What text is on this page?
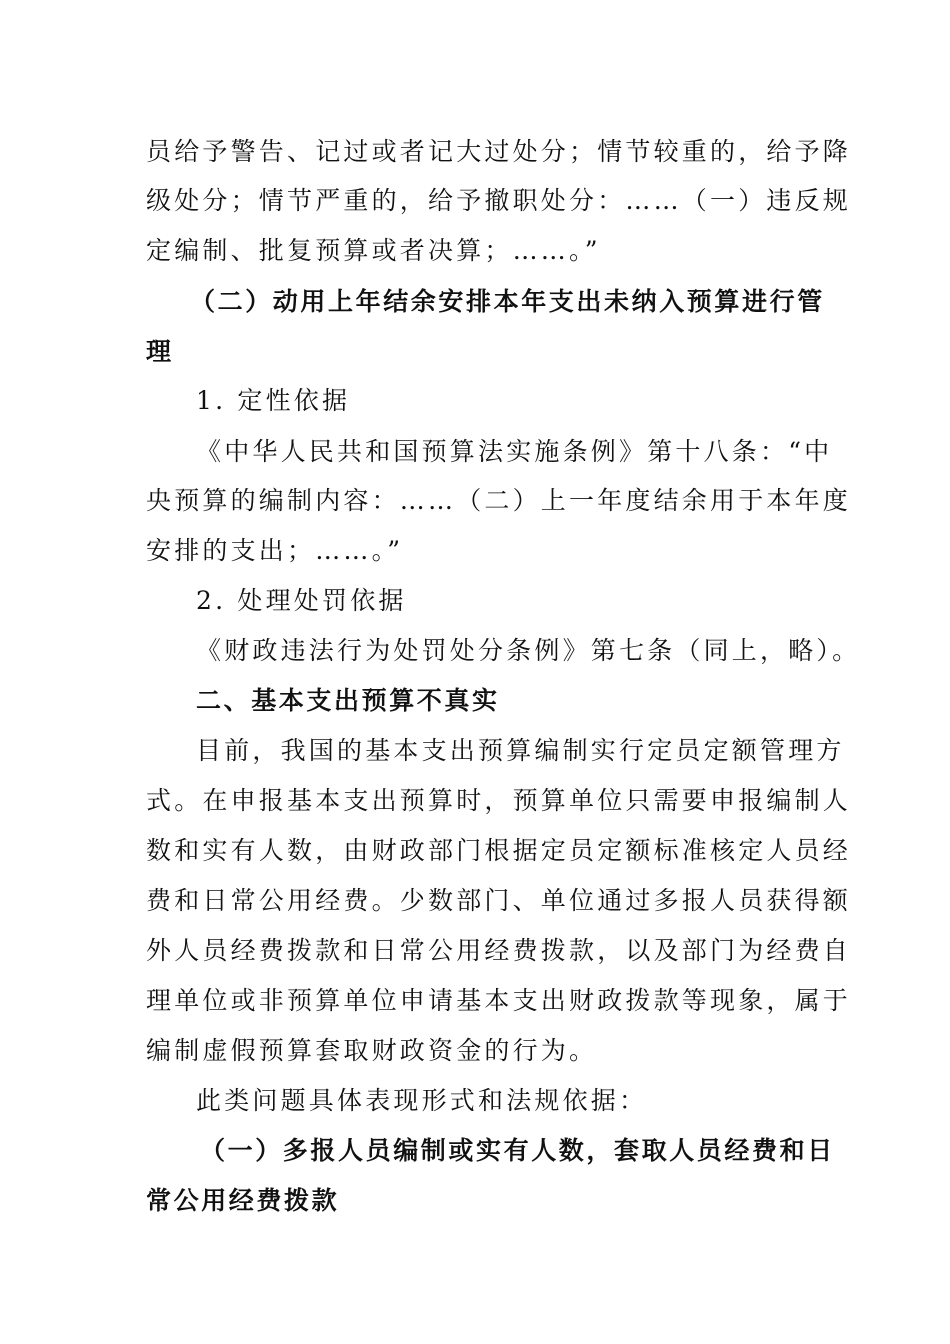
员给予警告、记过或者记大过处分；情节较重的，给予降

级处分；情节严重的，给予撤职处分：……（一）违反规

定编制、批复预算或者决算；……。”

（二）动用上年结余安排本年支出未纳入预算进行管

理

1. 定性依据

《中华人民共和国预算法实施条例》第十八条：“中

央预算的编制内容：……（二）上一年度结余用于本年度

安排的支出；……。”

2. 处理处罚依据

《财政违法行为处罚处分条例》第七条（同上，略）。

二、基本支出预算不真实

目前，我国的基本支出预算编制实行定员定额管理方

式。在申报基本支出预算时，预算单位只需要申报编制人

数和实有人数，由财政部门根据定员定额标准核定人员经

费和日常公用经费。少数部门、单位通过多报人员获得额

外人员经费拨款和日常公用经费拨款，以及部门为经费自

理单位或非预算单位申请基本支出财政拨款等现象，属于

编制虚假预算套取财政资金的行为。

此类问题具体表现形式和法规依据：

（一）多报人员编制或实有人数，套取人员经费和日

常公用经费拨款
